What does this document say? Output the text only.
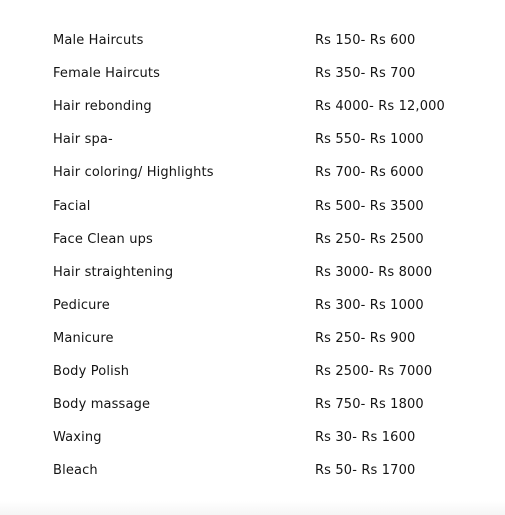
Male Haircuts	Rs 150- Rs 600
Female Haircuts	Rs 350- Rs 700
Hair rebonding	Rs 4000- Rs 12,000
Hair spa-	Rs 550- Rs 1000
Hair coloring/ Highlights	Rs 700- Rs 6000
Facial	Rs 500- Rs 3500
Face Clean ups	Rs 250- Rs 2500
Hair straightening	Rs 3000- Rs 8000
Pedicure	Rs 300- Rs 1000
Manicure	Rs 250- Rs 900
Body Polish	Rs 2500- Rs 7000
Body massage	Rs 750- Rs 1800
Waxing	Rs 30- Rs 1600
Bleach	Rs 50- Rs 1700
